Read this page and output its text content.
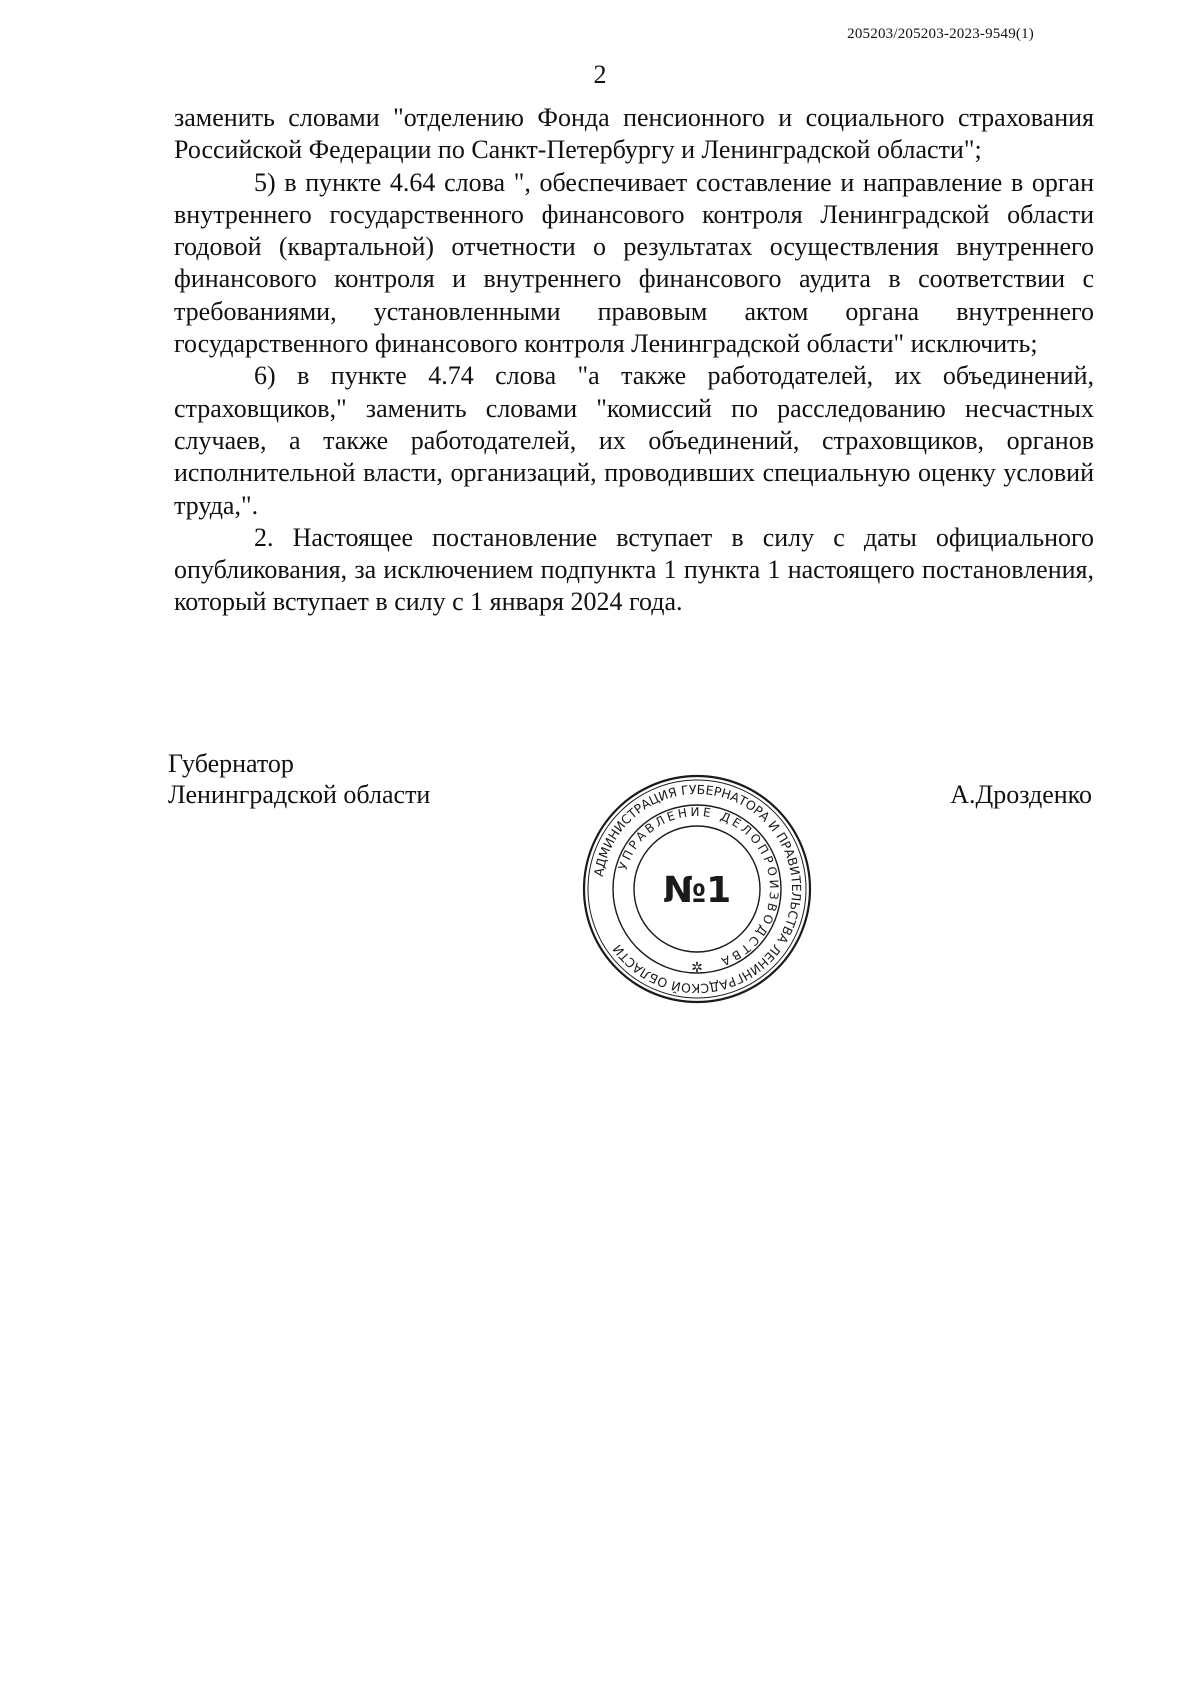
205203/205203-2023-9549(1)
2

заменить словами "отделению Фонда пенсионного и социального страхования Российской Федерации по Санкт-Петербургу и Ленинградской области";

5) в пункте 4.64 слова ", обеспечивает составление и направление в орган внутреннего государственного финансового контроля Ленинградской области годовой (квартальной) отчетности о результатах осуществления внутреннего финансового контроля и внутреннего финансового аудита в соответствии с требованиями, установленными правовым актом органа внутреннего государственного финансового контроля Ленинградской области" исключить;

6) в пункте 4.74 слова "а также работодателей, их объединений, страховщиков," заменить словами "комиссий по расследованию несчастных случаев, а также работодателей, их объединений, страховщиков, органов исполнительной власти, организаций, проводивших специальную оценку условий труда,".

2. Настоящее постановление вступает в силу с даты официального опубликования, за исключением подпункта 1 пункта 1 настоящего постановления, который вступает в силу с 1 января 2024 года.

Губернатор
Ленинградской области	А.Дрозденко
АДМИНИСТРАЦИЯ ГУБЕРНАТОРА И ПРАВИТЕЛЬСТВА ЛЕНИНГРАДСКОЙ ОБЛАСТИ
УПРАВЛЕНИЕ ДЕЛОПРОИЗВОДСТВА
№1
✲
